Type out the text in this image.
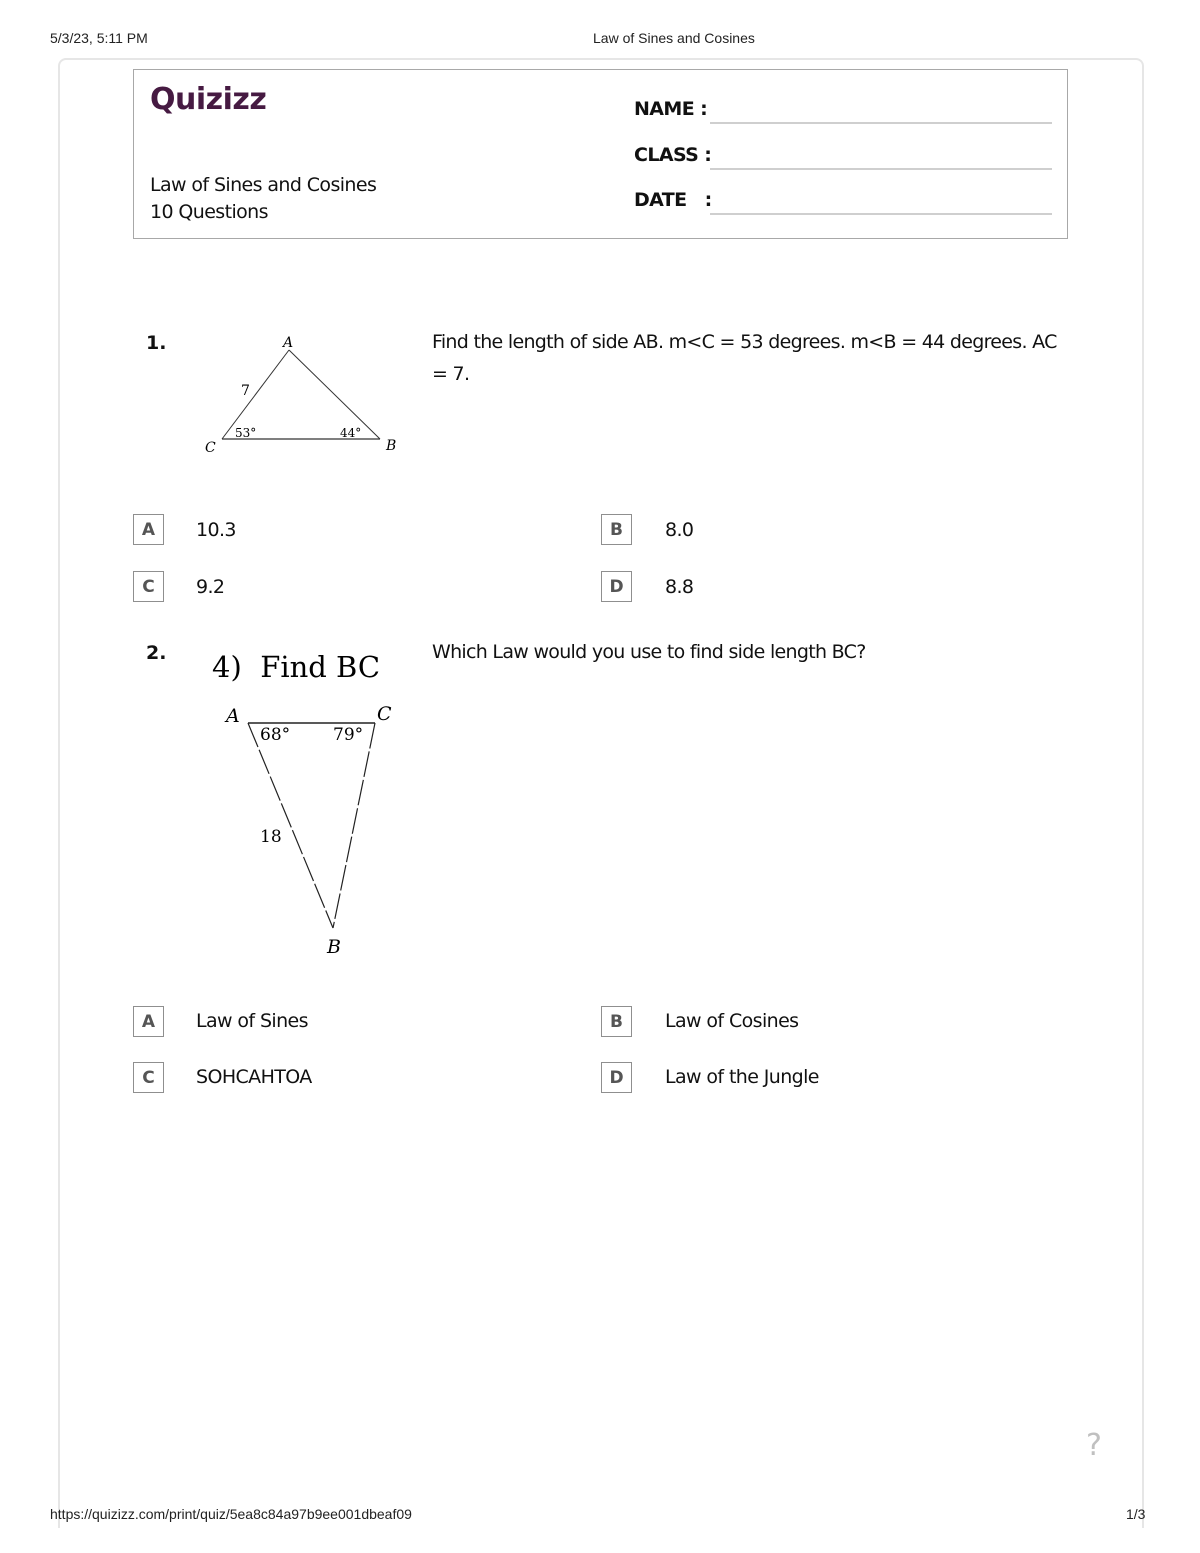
5/3/23, 5:11 PM	Law of Sines and Cosines
Quizizz
Law of Sines and Cosines
10 Questions
NAME :
CLASS :
DATE   :
1.	A
C	B
7
53°	44°
Find the length of side AB. m<C = 53 degrees. m<B = 44 degrees. AC = 7.
A	10.3	B	8.0
C	9.2	D	8.8
2. 4)  Find BC
A	C
B
68°	79°
18
Which Law would you use to find side length BC?
A	Law of Sines	B	Law of Cosines
C	SOHCAHTOA	D	Law of the Jungle
?
https://quizizz.com/print/quiz/5ea8c84a97b9ee001dbeaf09	1/3
